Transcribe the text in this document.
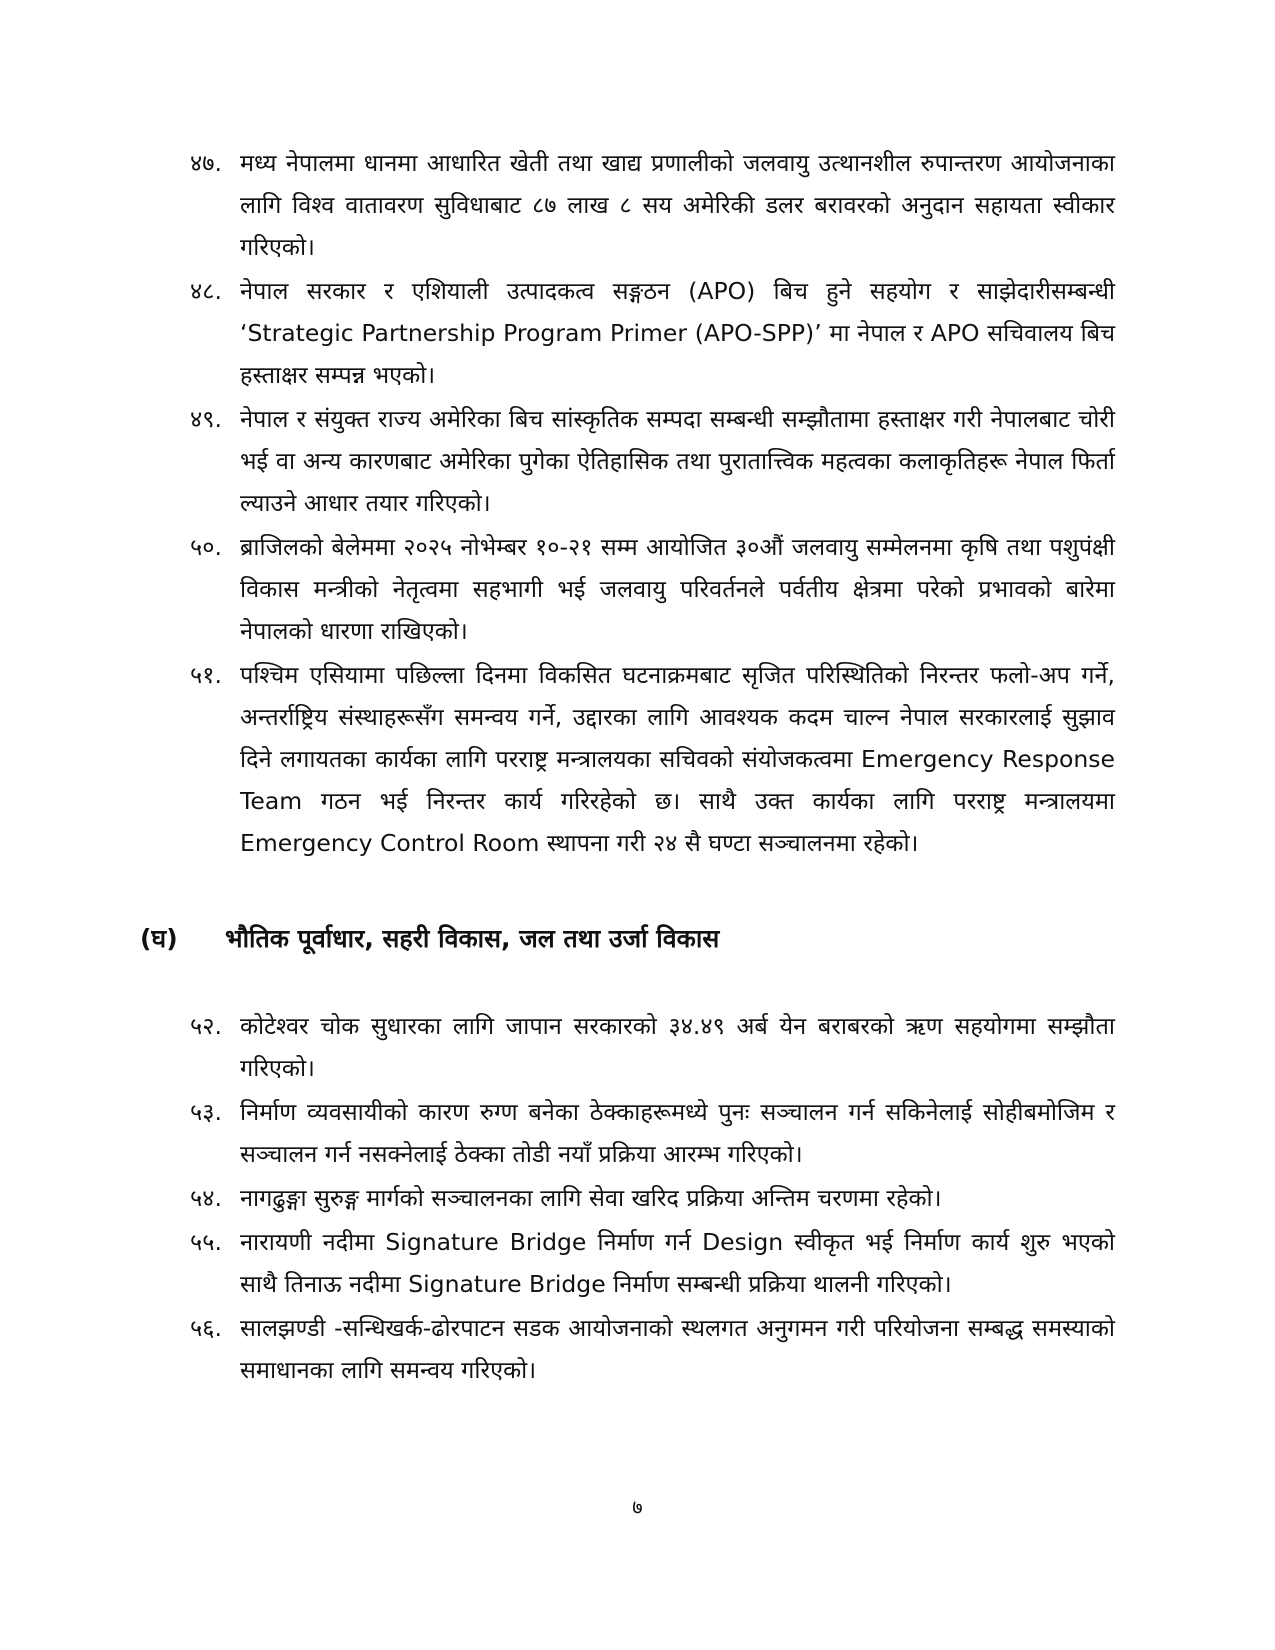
४७. मध्य नेपालमा धानमा आधारित खेती तथा खाद्य प्रणालीको जलवायु उत्थानशील रुपान्तरण आयोजनाका लागि विश्व वातावरण सुविधाबाट ८७ लाख ८ सय अमेरिकी डलर बरावरको अनुदान सहायता स्वीकार गरिएको।
४८. नेपाल सरकार र एशियाली उत्पादकत्व सङ्गठन (APO) बिच हुने सहयोग र साझेदारीसम्बन्धी ‘Strategic Partnership Program Primer (APO-SPP)’ मा नेपाल र APO सचिवालय बिच हस्ताक्षर सम्पन्न भएको।
४९. नेपाल र संयुक्त राज्य अमेरिका बिच सांस्कृतिक सम्पदा सम्बन्धी सम्झौतामा हस्ताक्षर गरी नेपालबाट चोरी भई वा अन्य कारणबाट अमेरिका पुगेका ऐतिहासिक तथा पुरातात्त्विक महत्वका कलाकृतिहरू नेपाल फिर्ता ल्याउने आधार तयार गरिएको।
५०. ब्राजिलको बेलेममा २०२५ नोभेम्बर १०-२१ सम्म आयोजित ३०औं जलवायु सम्मेलनमा कृषि तथा पशुपंक्षी विकास मन्त्रीको नेतृत्वमा सहभागी भई जलवायु परिवर्तनले पर्वतीय क्षेत्रमा परेको प्रभावको बारेमा नेपालको धारणा राखिएको।
५१. पश्चिम एसियामा पछिल्ला दिनमा विकसित घटनाक्रमबाट सृजित परिस्थितिको निरन्तर फलो-अप गर्ने, अन्तर्राष्ट्रिय संस्थाहरूसँग समन्वय गर्ने, उद्दारका लागि आवश्यक कदम चाल्न नेपाल सरकारलाई सुझाव दिने लगायतका कार्यका लागि परराष्ट्र मन्त्रालयका सचिवको संयोजकत्वमा Emergency Response Team गठन भई निरन्तर कार्य गरिरहेको छ। साथै उक्त कार्यका लागि परराष्ट्र मन्त्रालयमा Emergency Control Room स्थापना गरी २४ सै घण्टा सञ्चालनमा रहेको।
(घ) भौतिक पूर्वाधार, सहरी विकास, जल तथा उर्जा विकास
५२. कोटेश्वर चोक सुधारका लागि जापान सरकारको ३४.४९ अर्ब येन बराबरको ऋण सहयोगमा सम्झौता गरिएको।
५३. निर्माण व्यवसायीको कारण रुग्ण बनेका ठेक्काहरूमध्ये पुनः सञ्चालन गर्न सकिनेलाई सोहीबमोजिम र सञ्चालन गर्न नसक्नेलाई ठेक्का तोडी नयाँ प्रक्रिया आरम्भ गरिएको।
५४. नागढुङ्गा सुरुङ्ग मार्गको सञ्चालनका लागि सेवा खरिद प्रक्रिया अन्तिम चरणमा रहेको।
५५. नारायणी नदीमा Signature Bridge निर्माण गर्न Design स्वीकृत भई निर्माण कार्य शुरु भएको साथै तिनाऊ नदीमा Signature Bridge निर्माण सम्बन्धी प्रक्रिया थालनी गरिएको।
५६. सालझण्डी -सन्धिखर्क-ढोरपाटन सडक आयोजनाको स्थलगत अनुगमन गरी परियोजना सम्बद्ध समस्याको समाधानका लागि समन्वय गरिएको।
७
